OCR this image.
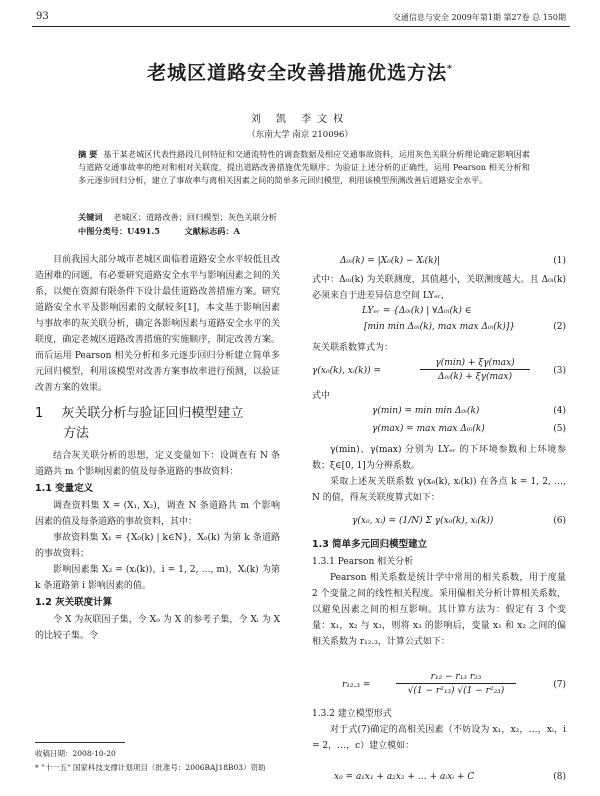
93	交通信息与安全 2009年第1期 第27卷 总 150期
老城区道路安全改善措施优选方法*
刘 凯 李文权
（东南大学 南京 210096）
摘 要 基于某老城区代表性路段几何特征和交通流特性的调查数据及相应交通事故资料，运用灰色关联分析理论确定影响因素与道路交通事故率的绝对和相对关联度，提出道路改善措施优先顺序；为验证上述分析的正确性，运用 Pearson 相关分析和多元逐步回归分析，建立了事故率与离相关因素之间的简单多元回归模型，利用该模型预测改善后道路安全水平。
关键词 老城区；道路改善；回归模型；灰色关联分析
中图分类号：U491.5	文献标志码：A

目前我国大部分城市老城区面临着道路安全水平较低且改造困难的问题，有必要研究道路安全水平与影响因素之间的关系，以便在资源有限条件下设计最佳道路改善措施方案。研究道路安全水平及影响因素的文献较多[1]，本文基于影响因素与事故率的灰关联分析，确定各影响因素与道路安全水平的关联度，确定老城区道路改善措施的实施顺序，制定改善方案。而后运用 Pearson 相关分析和多元逐步回归分析建立简单多元回归模型，利用该模型对改善方案事故率进行预测，以验证改善方案的效果。

1 灰关联分析与验证回归模型建立
方法

结合灰关联分析的思想，定义变量如下：设调查有 N 条道路共 m 个影响因素的值及每条道路的事故资料：

1.1 变量定义

调查资料集 X = (X₁, X₂)，调查 N 条道路共 m 个影响因素的值及每条道路的事故资料，其中：

事故资料集 X₁ = {X₀(k) | k∈N}，X₀(k) 为第 k 条道路的事故资料；

影响因素集 X₂ = (xᵢ(k))，i = 1, 2, …, m)，Xᵢ(k) 为第 k 条道路第 i 影响因素的值。

1.2 灰关联度计算

令 X 为灰联因子集，令 X₀ 为 X 的参考子集，令 Xᵢ 为 X 的比较子集。令

收稿日期：2008-10-20
* "十一五" 国家科技支撑计划项目（批准号：2006BAJ18B03）资助
Δ₀ᵢ(k) = |X₀(k) − Xᵢ(k)|	(1)

式中：Δ₀ᵢ(k) 为关联测度，其值越小，关联测度越大。且 Δ₀ᵢ(k) 必须来自于进差异信息空间 LYₑᵣ，

LYₑᵣ = {Δ₀ᵢ(k) | ∀Δ₀ᵢ(k) ∈
[min min Δ₀ᵢ(k), max max Δ₀ᵢ(k)]}	(2)
灰关联系数算式为：
γ(x₀(k), xᵢ(k)) =
γ(min) + ξγ(max)
Δ₀ᵢ(k) + ξγ(max)
(3)
式中
γ(min) = min min Δ₀ᵢ(k)	(4)
γ(max) = max max Δ₀ᵢ(k)	(5)

γ(min)、γ(max) 分别为 LYₑᵣ 的下环境参数和上环境参数；ξ∈[0, 1]为分辨系数。

采取上述灰关联系数 γ(x₀(k), xᵢ(k)) 在各点 k = 1, 2, …, N 的值，得灰关联度算式如下：

γ(x₀, xᵢ) = (1/N) Σ γ(x₀(k), xᵢ(k))	(6)
1.3 简单多元回归模型建立
1.3.1 Pearson 相关分析

Pearson 相关系数是统计学中常用的相关系数，用于度量 2 个变量之间的线性相关程度。采用偏相关分析计算相关系数，以避免因素之间的相互影响。其计算方法为：假定有 3 个变量：x₁，x₂ 与 x₃，则将 x₃ 的影响后，变量 x₁ 和 x₂ 之间的偏相关系数为 r₁₂.₃，计算公式如下：

r₁₂.₃ =
r₁₂ − r₁₃ r₂₃
√(1 − r²₁₃) √(1 − r²₂₃)
(7)
1.3.2 建立模型形式

对于式(7)确定的高相关因素（不妨设为 x₁，x₂，…，xᵢ，i = 2，…，c）建立模如：

x₀ = a₁x₁ + a₂x₂ + … + aᵢxᵢ + C	(8)
